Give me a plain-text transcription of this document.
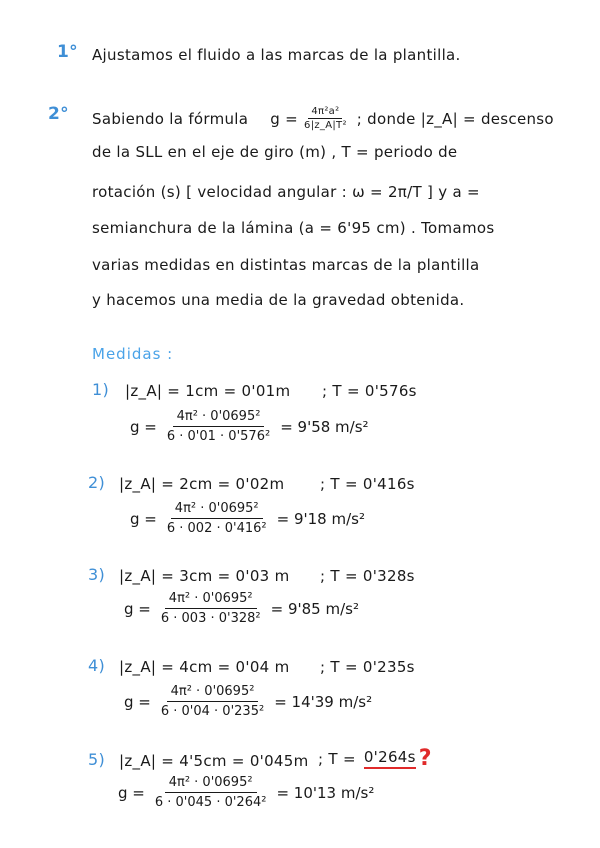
1° Ajustamos el fluido a las marcas de la plantilla.
2° Sabiendo la fórmula $g = \frac{\text{4π²a²}}{\text{6|z\_A|T²}}$ ; donde |z_A| = descenso
de la SLL en el eje de giro (m) , T = periodo de
rotación (s) [ velocidad angular : ω = 2π/T ] y a =
semianchura de la lámina (a = 6'95 cm) . Tomamos
varias medidas en distintas marcas de la plantilla
y hacemos una media de la gravedad obtenida.
Medidas :
1) |z_A| = 1cm = 0'01m ; T = 0'576s
$g = \frac{\text{4π² · 0'0695²}}{\text{6 · 0'01 · 0'576²}} = 9'58$ m/s²
2) |z_A| = 2cm = 0'02m ; T = 0'416s
$g = \frac{\text{4π² · 0'0695²}}{\text{6 · 002 · 0'416²}} = 9'18$ m/s²
3) |z_A| = 3cm = 0'03 m ; T = 0'328s
$g = \frac{\text{4π² · 0'0695²}}{\text{6 · 003 · 0'328²}} = 9'85$ m/s²
4) |z_A| = 4cm = 0'04 m ; T = 0'235s
$g = \frac{\text{4π² · 0'0695²}}{\text{6 · 0'04 · 0'235²}} = 14'39$ m/s²
5) |z_A| = 4'5cm = 0'045m ; T = 0'264s ?
$g = \frac{\text{4π² · 0'0695²}}{\text{6 · 0'045 · 0'264²}} = 10'13$ m/s²
